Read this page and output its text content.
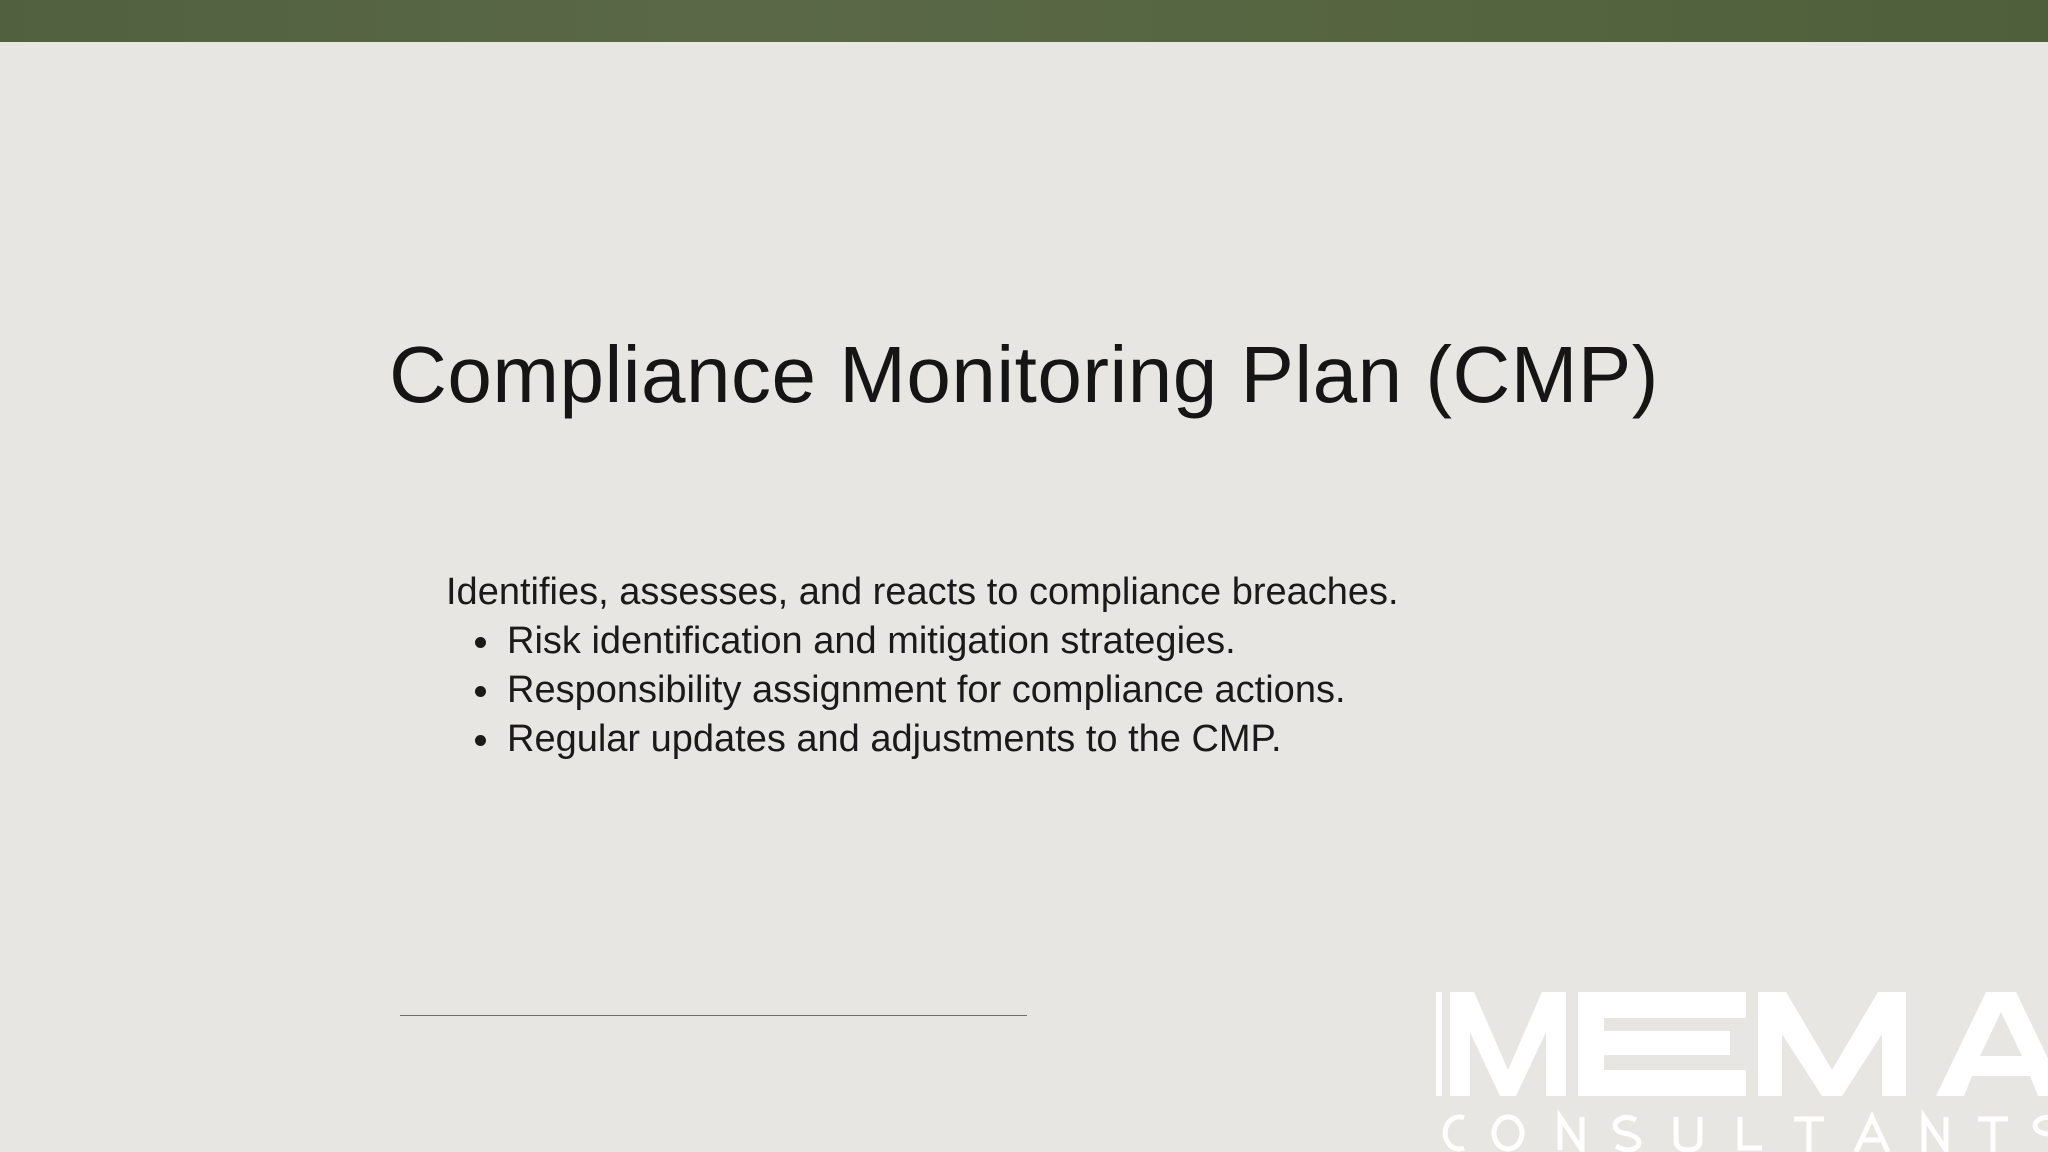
Compliance Monitoring Plan (CMP)

Identifies, assesses, and reacts to compliance breaches.

Risk identification and mitigation strategies.
Responsibility assignment for compliance actions.
Regular updates and adjustments to the CMP.
